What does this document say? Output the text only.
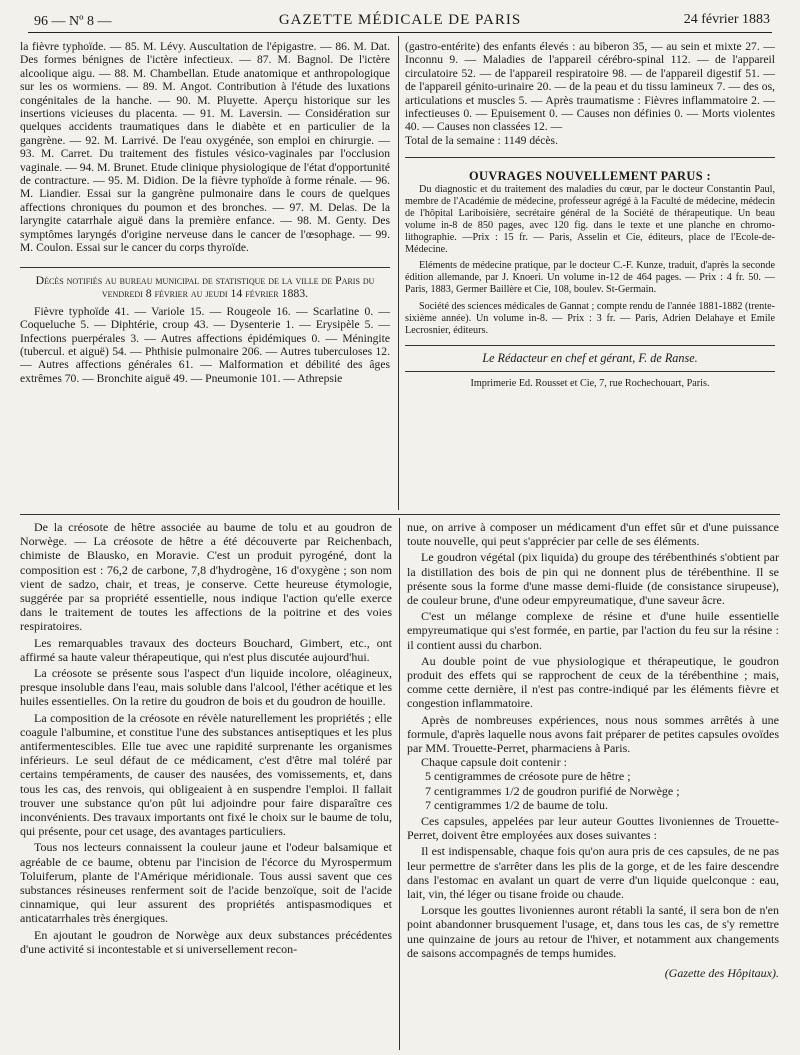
96 — Nº 8 —	GAZETTE MÉDICALE DE PARIS	24 février 1883

la fièvre typhoïde. — 85. M. Lévy. Auscultation de l'épigastre. — 86. M. Dat. Des formes bénignes de l'ictère infectieux. — 87. M. Bagnol. De l'ictère alcoolique aigu. — 88. M. Chambellan. Etude anatomique et anthropologique sur les os wormiens. — 89. M. Angot. Contribution à l'étude des luxations congénitales de la hanche. — 90. M. Pluyette. Aperçu historique sur les insertions vicieuses du placenta. — 91. M. Laversin. — Considération sur quelques accidents traumatiques dans le diabète et en particulier de la gangrène. — 92. M. Larrivé. De l'eau oxygénée, son emploi en chirurgie. — 93. M. Carret. Du traitement des fistules vésico-vaginales par l'occlusion vaginale. — 94. M. Brunet. Etude clinique physiologique de l'état d'opportunité de contracture. — 95. M. Didion. De la fièvre typhoïde à forme rénale. — 96. M. Liandier. Essai sur la gangrène pulmonaire dans le cours de quelques affections chroniques du poumon et des bronches. — 97. M. Delas. De la laryngite catarrhale aiguë dans la première enfance. — 98. M. Genty. Des symptômes laryngés d'origine nerveuse dans le cancer de l'œsophage. — 99. M. Coulon. Essai sur le cancer du corps thyroïde.

Décès notifiés au bureau municipal de statistique de la ville de Paris du vendredi 8 février au jeudi 14 février 1883.

Fièvre typhoïde 41. — Variole 15. — Rougeole 16. — Scarlatine 0. — Coqueluche 5. — Diphtérie, croup 43. — Dysenterie 1. — Erysipèle 5. — Infections puerpérales 3. — Autres affections épidémiques 0. — Méningite (tubercul. et aiguë) 54. — Phthisie pulmonaire 206. — Autres tuberculoses 12. — Autres affections générales 61. — Malformation et débilité des âges extrêmes 70. — Bronchite aiguë 49. — Pneumonie 101. — Athrepsie

(gastro-entérite) des enfants élevés : au biberon 35, — au sein et mixte 27. — Inconnu 9. — Maladies de l'appareil cérébro-spinal 112. — de l'appareil circulatoire 52. — de l'appareil respiratoire 98. — de l'appareil digestif 51. — de l'appareil génito-urinaire 20. — de la peau et du tissu lamineux 7. — des os, articulations et muscles 5. — Après traumatisme : Fièvres inflammatoire 2. — infectieuses 0. — Epuisement 0. — Causes non définies 0. — Morts violentes 40. — Causes non classées 12. —

Total de la semaine : 1149 décès.

OUVRAGES NOUVELLEMENT PARUS :

Du diagnostic et du traitement des maladies du cœur, par le docteur Constantin Paul, membre de l'Académie de médecine, professeur agrégé à la Faculté de médecine, médecin de l'hôpital Lariboisière, secrétaire général de la Société de thérapeutique. Un beau volume in-8 de 850 pages, avec 120 fig. dans le texte et une planche en chromo-lithographie. —Prix : 15 fr. — Paris, Asselin et Cie, éditeurs, place de l'Ecole-de-Médecine.

Eléments de médecine pratique, par le docteur C.-F. Kunze, traduit, d'après la seconde édition allemande, par J. Knoeri. Un volume in-12 de 464 pages. — Prix : 4 fr. 50. — Paris, 1883, Germer Baillère et Cie, 108, boulev. St-Germain.

Société des sciences médicales de Gannat ; compte rendu de l'année 1881-1882 (trente-sixième année). Un volume in-8. — Prix : 3 fr. — Paris, Adrien Delahaye et Emile Lecrosnier, éditeurs.

Le Rédacteur en chef et gérant, F. de Ranse.

Imprimerie Ed. Rousset et Cie, 7, rue Rochechouart, Paris.

De la créosote de hêtre associée au baume de tolu et au goudron de Norwège. — La créosote de hêtre a été découverte par Reichenbach, chimiste de Blausko, en Moravie. C'est un produit pyrogéné, dont la composition est : 76,2 de carbone, 7,8 d'hydrogène, 16 d'oxygène ; son nom vient de sadzo, chair, et treas, je conserve. Cette heureuse étymologie, suggérée par sa propriété essentielle, nous indique l'action qu'elle exerce dans le traitement de toutes les affections de la poitrine et des voies respiratoires.

Les remarquables travaux des docteurs Bouchard, Gimbert, etc., ont affirmé sa haute valeur thérapeutique, qui n'est plus discutée aujourd'hui.

La créosote se présente sous l'aspect d'un liquide incolore, oléagineux, presque insoluble dans l'eau, mais soluble dans l'alcool, l'éther acétique et les huiles essentielles. On la retire du goudron de bois et du goudron de houille.

La composition de la créosote en révèle naturellement les propriétés ; elle coagule l'albumine, et constitue l'une des substances antiseptiques et les plus antifermentescibles. Elle tue avec une rapidité surprenante les organismes inférieurs. Le seul défaut de ce médicament, c'est d'être mal toléré par certains tempéraments, de causer des nausées, des vomissements, et, dans tous les cas, des renvois, qui obligeaient à en suspendre l'emploi. Il fallait trouver une substance qu'on pût lui adjoindre pour faire disparaître ces inconvénients. Des travaux importants ont fixé le choix sur le baume de tolu, qui présente, pour cet usage, des avantages particuliers.

Tous nos lecteurs connaissent la couleur jaune et l'odeur balsamique et agréable de ce baume, obtenu par l'incision de l'écorce du Myrospermum Toluiferum, plante de l'Amérique méridionale. Tous aussi savent que ces substances résineuses renferment soit de l'acide benzoïque, soit de l'acide cinnamique, qui leur assurent des propriétés antispasmodiques et anticatarrhales très énergiques.

En ajoutant le goudron de Norwège aux deux substances précédentes d'une activité si incontestable et si universellement recon-

nue, on arrive à composer un médicament d'un effet sûr et d'une puissance toute nouvelle, qui peut s'apprécier par celle de ses éléments.

Le goudron végétal (pix liquida) du groupe des térébenthinés s'obtient par la distillation des bois de pin qui ne donnent plus de térébenthine. Il se présente sous la forme d'une masse demi-fluide (de consistance sirupeuse), de couleur brune, d'une odeur empyreumatique, d'une saveur âcre.

C'est un mélange complexe de résine et d'une huile essentielle empyreumatique qui s'est formée, en partie, par l'action du feu sur la résine : il contient aussi du charbon.

Au double point de vue physiologique et thérapeutique, le goudron produit des effets qui se rapprochent de ceux de la térébenthine ; mais, comme cette dernière, il n'est pas contre-indiqué par les éléments fièvre et congestion inflammatoire.

Après de nombreuses expériences, nous nous sommes arrêtés à une formule, d'après laquelle nous avons fait préparer de petites capsules ovoïdes par MM. Trouette-Perret, pharmaciens à Paris.

Chaque capsule doit contenir :

5 centigrammes de créosote pure de hêtre ;

7 centigrammes 1/2 de goudron purifié de Norwège ;

7 centigrammes 1/2 de baume de tolu.

Ces capsules, appelées par leur auteur Gouttes livoniennes de Trouette-Perret, doivent être employées aux doses suivantes :

Il est indispensable, chaque fois qu'on aura pris de ces capsules, de ne pas leur permettre de s'arrêter dans les plis de la gorge, et de les faire descendre dans l'estomac en avalant un quart de verre d'un liquide quelconque : eau, lait, vin, thé léger ou tisane froide ou chaude.

Lorsque les gouttes livoniennes auront rétabli la santé, il sera bon de n'en point abandonner brusquement l'usage, et, dans tous les cas, de s'y remettre une quinzaine de jours au retour de l'hiver, et notamment aux changements de saisons accompagnés de temps humides.

(Gazette des Hôpitaux).
